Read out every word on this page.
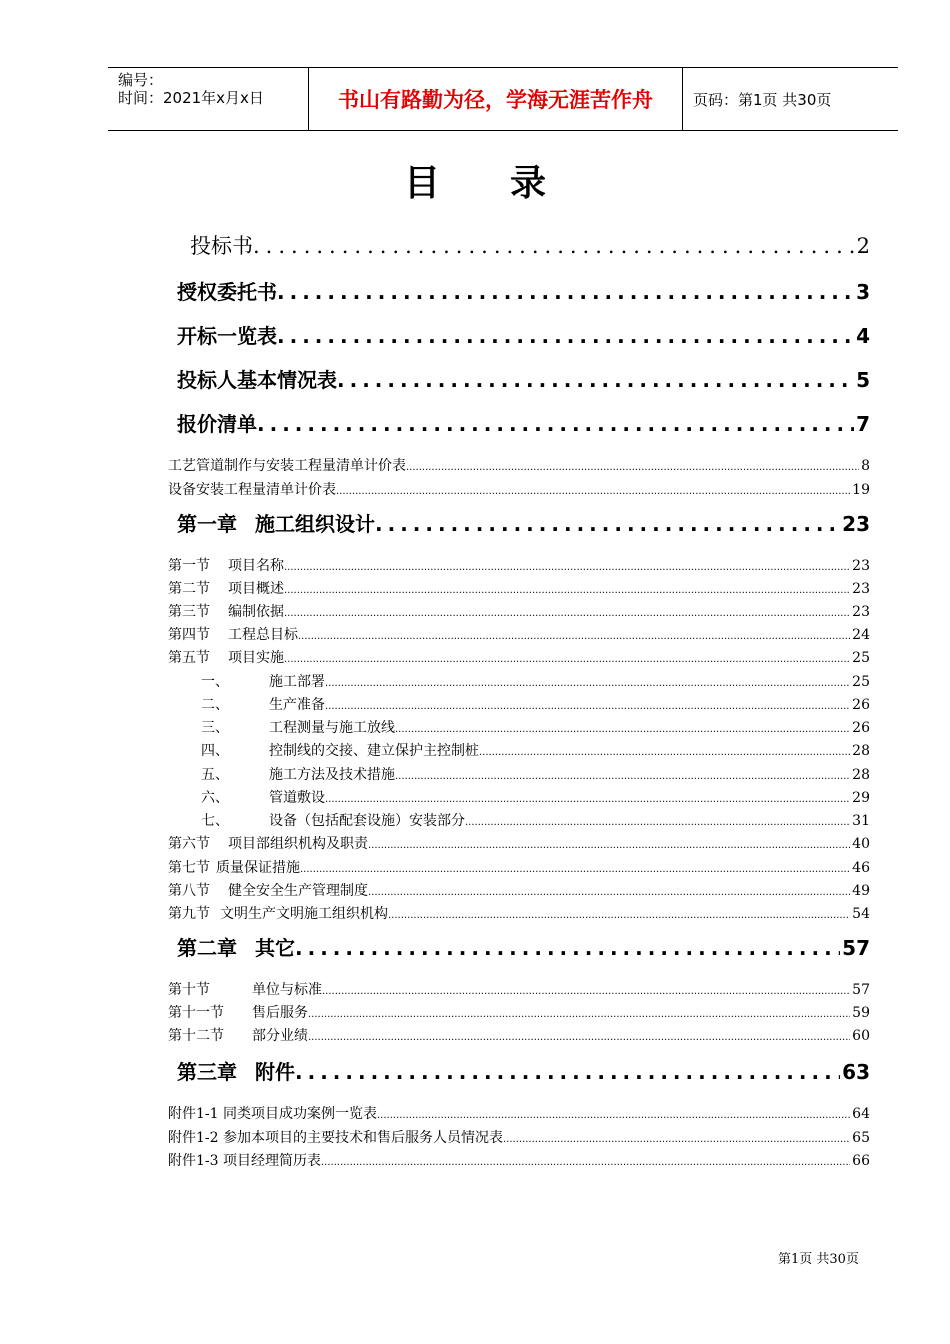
编号：
时间：2021年x月x日	书山有路勤为径，学海无涯苦作舟	页码：第1页 共30页
目录
投标书 .....	2
授权委托书 .....	3
开标一览表 .....	4
投标人基本情况表 .....	5
报价清单 .....	7
工艺管道制作与安装工程量清单计价表 .....	8
设备安装工程量清单计价表 .....	19
第一章 施工组织设计 .....	23
第一节 项目名称 .....	23
第二节 项目概述 .....	23
第三节 编制依据 .....	23
第四节 工程总目标 .....	24
第五节 项目实施 .....	25
一、	施工部署 .....	25
二、	生产准备 .....	26
三、	工程测量与施工放线 .....	26
四、	控制线的交接、建立保护主控制桩 .....	28
五、	施工方法及技术措施 .....	28
六、	管道敷设 .....	29
七、	设备（包括配套设施）安装部分 .....	31
第六节 项目部组织机构及职责 .....	40
第七节 质量保证措施 .....	46
第八节 健全安全生产管理制度 .....	49
第九节 文明生产文明施工组织机构 .....	54
第二章 其它 .....	57
第十节	单位与标准 .....	57
第十一节	售后服务 .....	59
第十二节	部分业绩 .....	60
第三章 附件 .....	63
附件1-1 同类项目成功案例一览表 .....	64
附件1-2 参加本项目的主要技术和售后服务人员情况表 .....	65
附件1-3 项目经理简历表 .....	66
第1页 共30页
